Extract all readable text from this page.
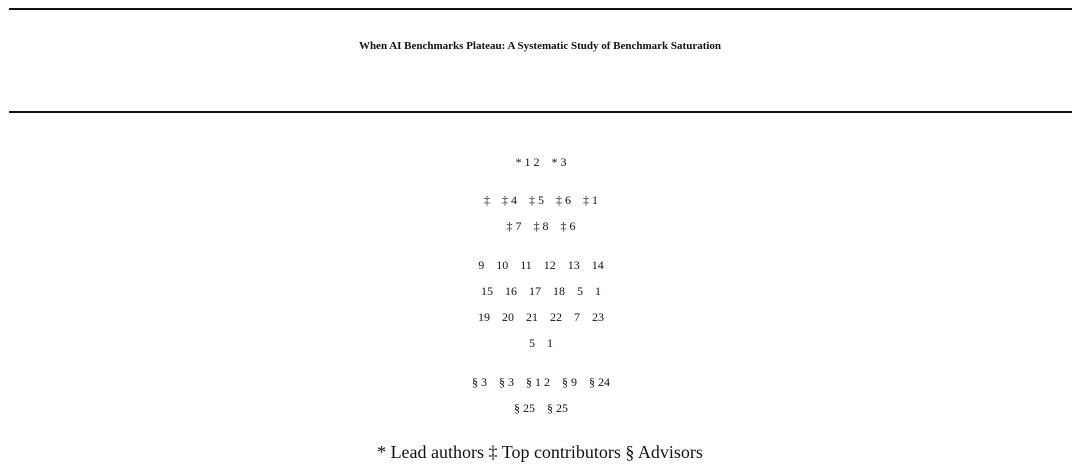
When AI Benchmarks Plateau: A Systematic Study of Benchmark Saturation
$^{* 1 2}$ $^{* 3}$
‡ $^{\ddagger 4}$ $^{\ddagger 5}$ $^{\ddagger 6}$ $^{\ddagger 1}$
$^{\ddagger 7}$ $^{\ddagger 8}$ $^{\ddagger 6}$
$^9$ $^{10}$ $^{11}$ $^{12}$ $^{13}$ $^{14}$
$^{15}$ $^{16}$ $^{17}$ $^{18}$ $^5$ $^1$
$^{19}$ $^{20}$ $^{21}$ $^{22}$ $^7$ $^{23}$
$^5$ $^1$
$^{\S 3}$ $^{\S 3}$ $^{\S 1 2}$ $^{\S 9}$ $^{\S 24}$
$^{\S 25}$ $^{\S 25}$
* Lead authors ‡ Top contributors § Advisors
